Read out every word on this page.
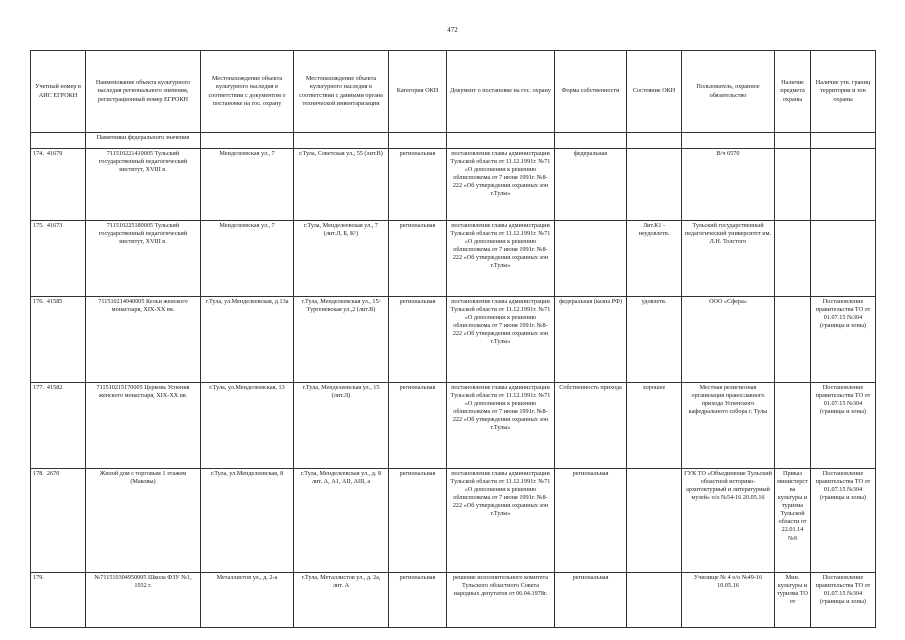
472
Учетный номер в АИС ЕГРОКН	Наименование объекта культурного наследия регионального значения, регистрационный номер ЕГРОКН	Местонахождение объекта культурного наследия в соответствии с документом о постановке на гос. охрану	Местонахождение объекта культурного наследия в соответствии с данными органа технической инвентаризации	Категория ОКН	Документ о постановке на гос. охрану	Форма собственности	Состояние ОКН	Пользователь, охранное обязательство	Наличие предмета охраны	Наличие утв. границ территории и зон охраны
	Памятники федерального значения									
174. 41679	711510221410005 Тульский государственный педагогический институт, XVIII в.	Менделеевская ул., 7	г.Тула, Советская ул., 55 (лит.В)	региональная	постановление главы администрации Тульской области от 11.12.1991г. №71 «О дополнении к решению облисполкома от 7 июня 1991г. №8-222 «Об утверждении охранных зон г.Тулы»	федеральная		В/ч 6570		
175. 41673	711510225180005 Тульский государственный педагогический институт, XVIII в.	Менделеевская ул., 7	г.Тула, Менделеевская ул., 7 (лит.Л, Б, К¹)	региональная	постановление главы администрации Тульской области от 11.12.1991г. №71 «О дополнении к решению облисполкома от 7 июня 1991г. №8-222 «Об утверждении охранных зон г.Тулы»		Лит.К1 - неудовлетв.	Тульский государственный педагогический университет им. Л.Н. Толстого		
176. 41585	711510214940005 Кельи женского монастыря, XIX-XX вв.	г.Тула, ул.Менделеевская, д.13а	г.Тула, Менделеевская ул., 15/ Тургеневская ул.,2 (лит.В)	региональная	постановление главы администрации Тульской области от 11.12.1991г. №71 «О дополнении к решению облисполкома от 7 июня 1991г. №8-222 «Об утверждении охранных зон г.Тулы»	федеральная (казна РФ)	удовлетв.	ООО «Сфера»		Постановление правительства ТО от 01.07.15 №304 (границы и зоны)
177. 41582	711510215170005 Церковь Успения женского монастыря, XIX-XX вв.	г.Тула, ул.Менделеевская, 13	г.Тула, Менделеевская ул., 15 (лит.Л)	региональная	постановление главы администрации Тульской области от 11.12.1991г. №71 «О дополнении к решению облисполкома от 7 июня 1991г. №8-222 «Об утверждении охранных зон г.Тулы»	Собственность прихода	хорошее	Местная религиозная организация православного прихода Успенского кафедрального собора г. Тулы		Постановление правительства ТО от 01.07.15 №304 (границы и зоны)
178. 2670	Жилой дом с торговым 1 этажом (Маковы)	г.Тула, ул.Менделеевская, 8	г.Тула, Менделеевская ул., д. 8 лит. А, А1, АII, АIII, а	региональная	постановление главы администрации Тульской области от 11.12.1991г. №71 «О дополнении к решению облисполкома от 7 июня 1991г. №8-222 «Об утверждении охранных зон г.Тулы»	региональная		ГУК ТО «Объединение Тульский областной историко-архитектурный и литературный музей» о/о №54-16 20.05.16	Приказ министерства культуры и туризма Тульской области от 22.01.14 №9	Постановление правительства ТО от 01.07.15 №304 (границы и зоны)
179.	№711510304950005 Школа ФЗУ №1, 1932 г.	Металлистов ул., д. 2-а	г.Тула, Металлистов ул., д. 2а, лит. А	региональная	решение исполнительного комитета Тульского областного Совета народных депутатов от 06.04.1978г.	региональная		Училище № 4 о/о №49-16 10.05.16	Мин. культуры и туризма ТО от	Постановление правительства ТО от 01.07.15 №304 (границы и зоны)
